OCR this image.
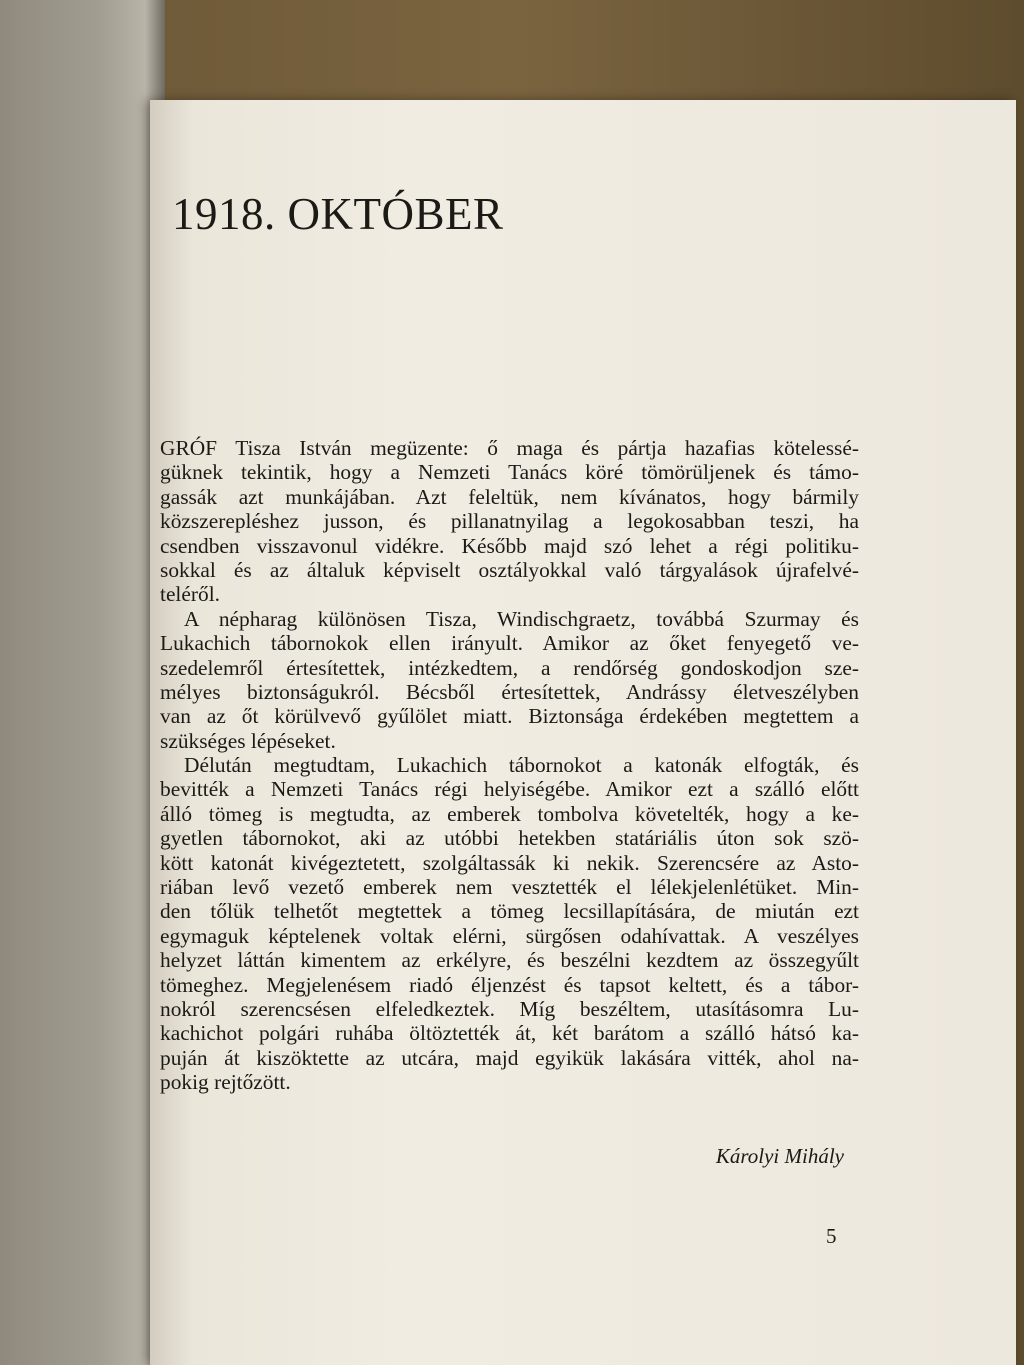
1918. OKTÓBER
GRÓF Tisza István megüzente: ő maga és pártja hazafias kötelessé-
güknek tekintik, hogy a Nemzeti Tanács köré tömörüljenek és támo-
gassák azt munkájában. Azt feleltük, nem kívánatos, hogy bármily
közszerepléshez jusson, és pillanatnyilag a legokosabban teszi, ha
csendben visszavonul vidékre. Később majd szó lehet a régi politiku-
sokkal és az általuk képviselt osztályokkal való tárgyalások újrafelvé-
teléről.
A népharag különösen Tisza, Windischgraetz, továbbá Szurmay és
Lukachich tábornokok ellen irányult. Amikor az őket fenyegető ve-
szedelemről értesítettek, intézkedtem, a rendőrség gondoskodjon sze-
mélyes biztonságukról. Bécsből értesítettek, Andrássy életveszélyben
van az őt körülvevő gyűlölet miatt. Biztonsága érdekében megtettem a
szükséges lépéseket.
Délután megtudtam, Lukachich tábornokot a katonák elfogták, és
bevitték a Nemzeti Tanács régi helyiségébe. Amikor ezt a szálló előtt
álló tömeg is megtudta, az emberek tombolva követelték, hogy a ke-
gyetlen tábornokot, aki az utóbbi hetekben statáriális úton sok szö-
kött katonát kivégeztetett, szolgáltassák ki nekik. Szerencsére az Asto-
riában levő vezető emberek nem vesztették el lélekjelenlétüket. Min-
den tőlük telhetőt megtettek a tömeg lecsillapítására, de miután ezt
egymaguk képtelenek voltak elérni, sürgősen odahívattak. A veszélyes
helyzet láttán kimentem az erkélyre, és beszélni kezdtem az összegyűlt
tömeghez. Megjelenésem riadó éljenzést és tapsot keltett, és a tábor-
nokról szerencsésen elfeledkeztek. Míg beszéltem, utasításomra Lu-
kachichot polgári ruhába öltöztették át, két barátom a szálló hátsó ka-
puján át kiszöktette az utcára, majd egyikük lakására vitték, ahol na-
pokig rejtőzött.
Károlyi Mihály
5
